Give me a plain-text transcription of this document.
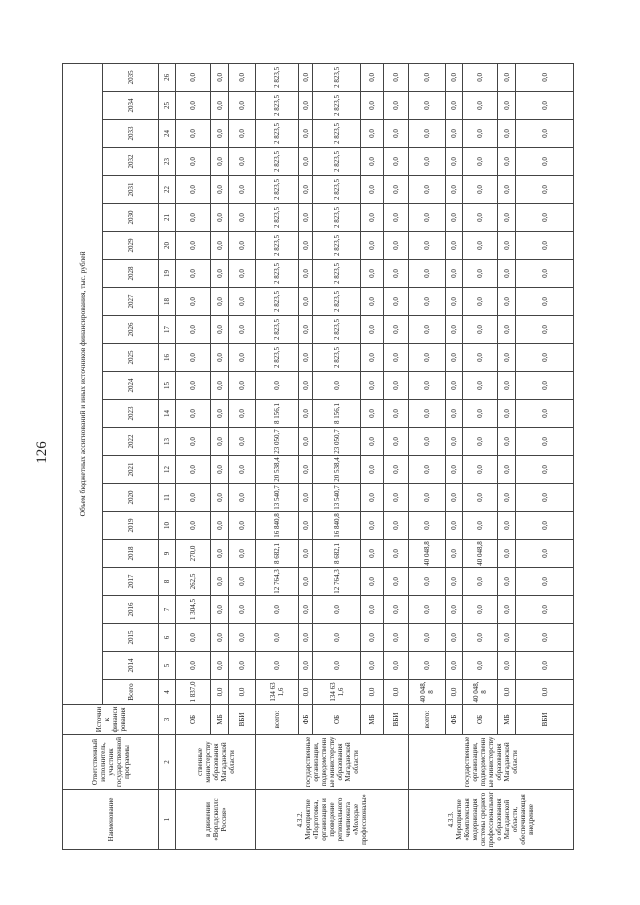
126
Наименование	Ответственный исполнитель, участник государственной программы	Источник финансирования	Объем бюджетных ассигнований и иных источников финансирования, тыс. рублей																						
			Всего	2014	2015	2016	2017	2018	2019	2020	2021	2022	2023	2024	2025	2026	2027	2028	2029	2030	2031	2032	2033	2034	2035
1	2	3	4	5	6	7	8	9	10	11	12	13	14	15	16	17	18	19	20	21	22	23	24	25	26
в движении «Ворлдскиллс Россия»	ственные министерству образования Магаданской области	ОБ	1 837,0	0,0	0,0	1 304,5	262,5	270,0	0,0	0,0	0,0	0,0	0,0	0,0	0,0	0,0	0,0	0,0	0,0	0,0	0,0	0,0	0,0	0,0	0,0
		МБ	0,0	0,0	0,0	0,0	0,0	0,0	0,0	0,0	0,0	0,0	0,0	0,0	0,0	0,0	0,0	0,0	0,0	0,0	0,0	0,0	0,0	0,0	0,0
		ВБИ	0,0	0,0	0,0	0,0	0,0	0,0	0,0	0,0	0,0	0,0	0,0	0,0	0,0	0,0	0,0	0,0	0,0	0,0	0,0	0,0	0,0	0,0	0,0
4.3.2. Мероприятие «Подготовка, организация и проведение регионального чемпионата «Молодые профессионалы»	государственные организации, подведомственные министерству образования Магаданской области	всего:	134 631,6	0,0	0,0	0,0	12 764,3	8 682,1	16 840,8	13 540,7	20 538,4	23 050,7	8 156,1	0,0	2 823,5	2 823,5	2 823,5	2 823,5	2 823,5	2 823,5	2 823,5	2 823,5	2 823,5	2 823,5	2 823,5
		ФБ	0,0	0,0	0,0	0,0	0,0	0,0	0,0	0,0	0,0	0,0	0,0	0,0	0,0	0,0	0,0	0,0	0,0	0,0	0,0	0,0	0,0	0,0	0,0
		ОБ	134 631,6	0,0	0,0	0,0	12 764,3	8 682,1	16 840,8	13 540,7	20 538,4	23 050,7	8 156,1	0,0	2 823,5	2 823,5	2 823,5	2 823,5	2 823,5	2 823,5	2 823,5	2 823,5	2 823,5	2 823,5	2 823,5
		МБ	0,0	0,0	0,0	0,0	0,0	0,0	0,0	0,0	0,0	0,0	0,0	0,0	0,0	0,0	0,0	0,0	0,0	0,0	0,0	0,0	0,0	0,0	0,0
		ВБИ	0,0	0,0	0,0	0,0	0,0	0,0	0,0	0,0	0,0	0,0	0,0	0,0	0,0	0,0	0,0	0,0	0,0	0,0	0,0	0,0	0,0	0,0	0,0
4.3.3. Мероприятие «Комплексная модернизация системы среднего профессионального образования Магаданской области, обеспечивающая внедрение	государственные организации, подведомственные министерству образования Магаданской области	всего:	40 048,8	0,0	0,0	0,0	0,0	40 048,8	0,0	0,0	0,0	0,0	0,0	0,0	0,0	0,0	0,0	0,0	0,0	0,0	0,0	0,0	0,0	0,0	0,0
		ФБ	0,0	0,0	0,0	0,0	0,0	0,0	0,0	0,0	0,0	0,0	0,0	0,0	0,0	0,0	0,0	0,0	0,0	0,0	0,0	0,0	0,0	0,0	0,0
		ОБ	40 048,8	0,0	0,0	0,0	0,0	40 048,8	0,0	0,0	0,0	0,0	0,0	0,0	0,0	0,0	0,0	0,0	0,0	0,0	0,0	0,0	0,0	0,0	0,0
		МБ	0,0	0,0	0,0	0,0	0,0	0,0	0,0	0,0	0,0	0,0	0,0	0,0	0,0	0,0	0,0	0,0	0,0	0,0	0,0	0,0	0,0	0,0	0,0
		ВБИ	0,0	0,0	0,0	0,0	0,0	0,0	0,0	0,0	0,0	0,0	0,0	0,0	0,0	0,0	0,0	0,0	0,0	0,0	0,0	0,0	0,0	0,0	0,0
